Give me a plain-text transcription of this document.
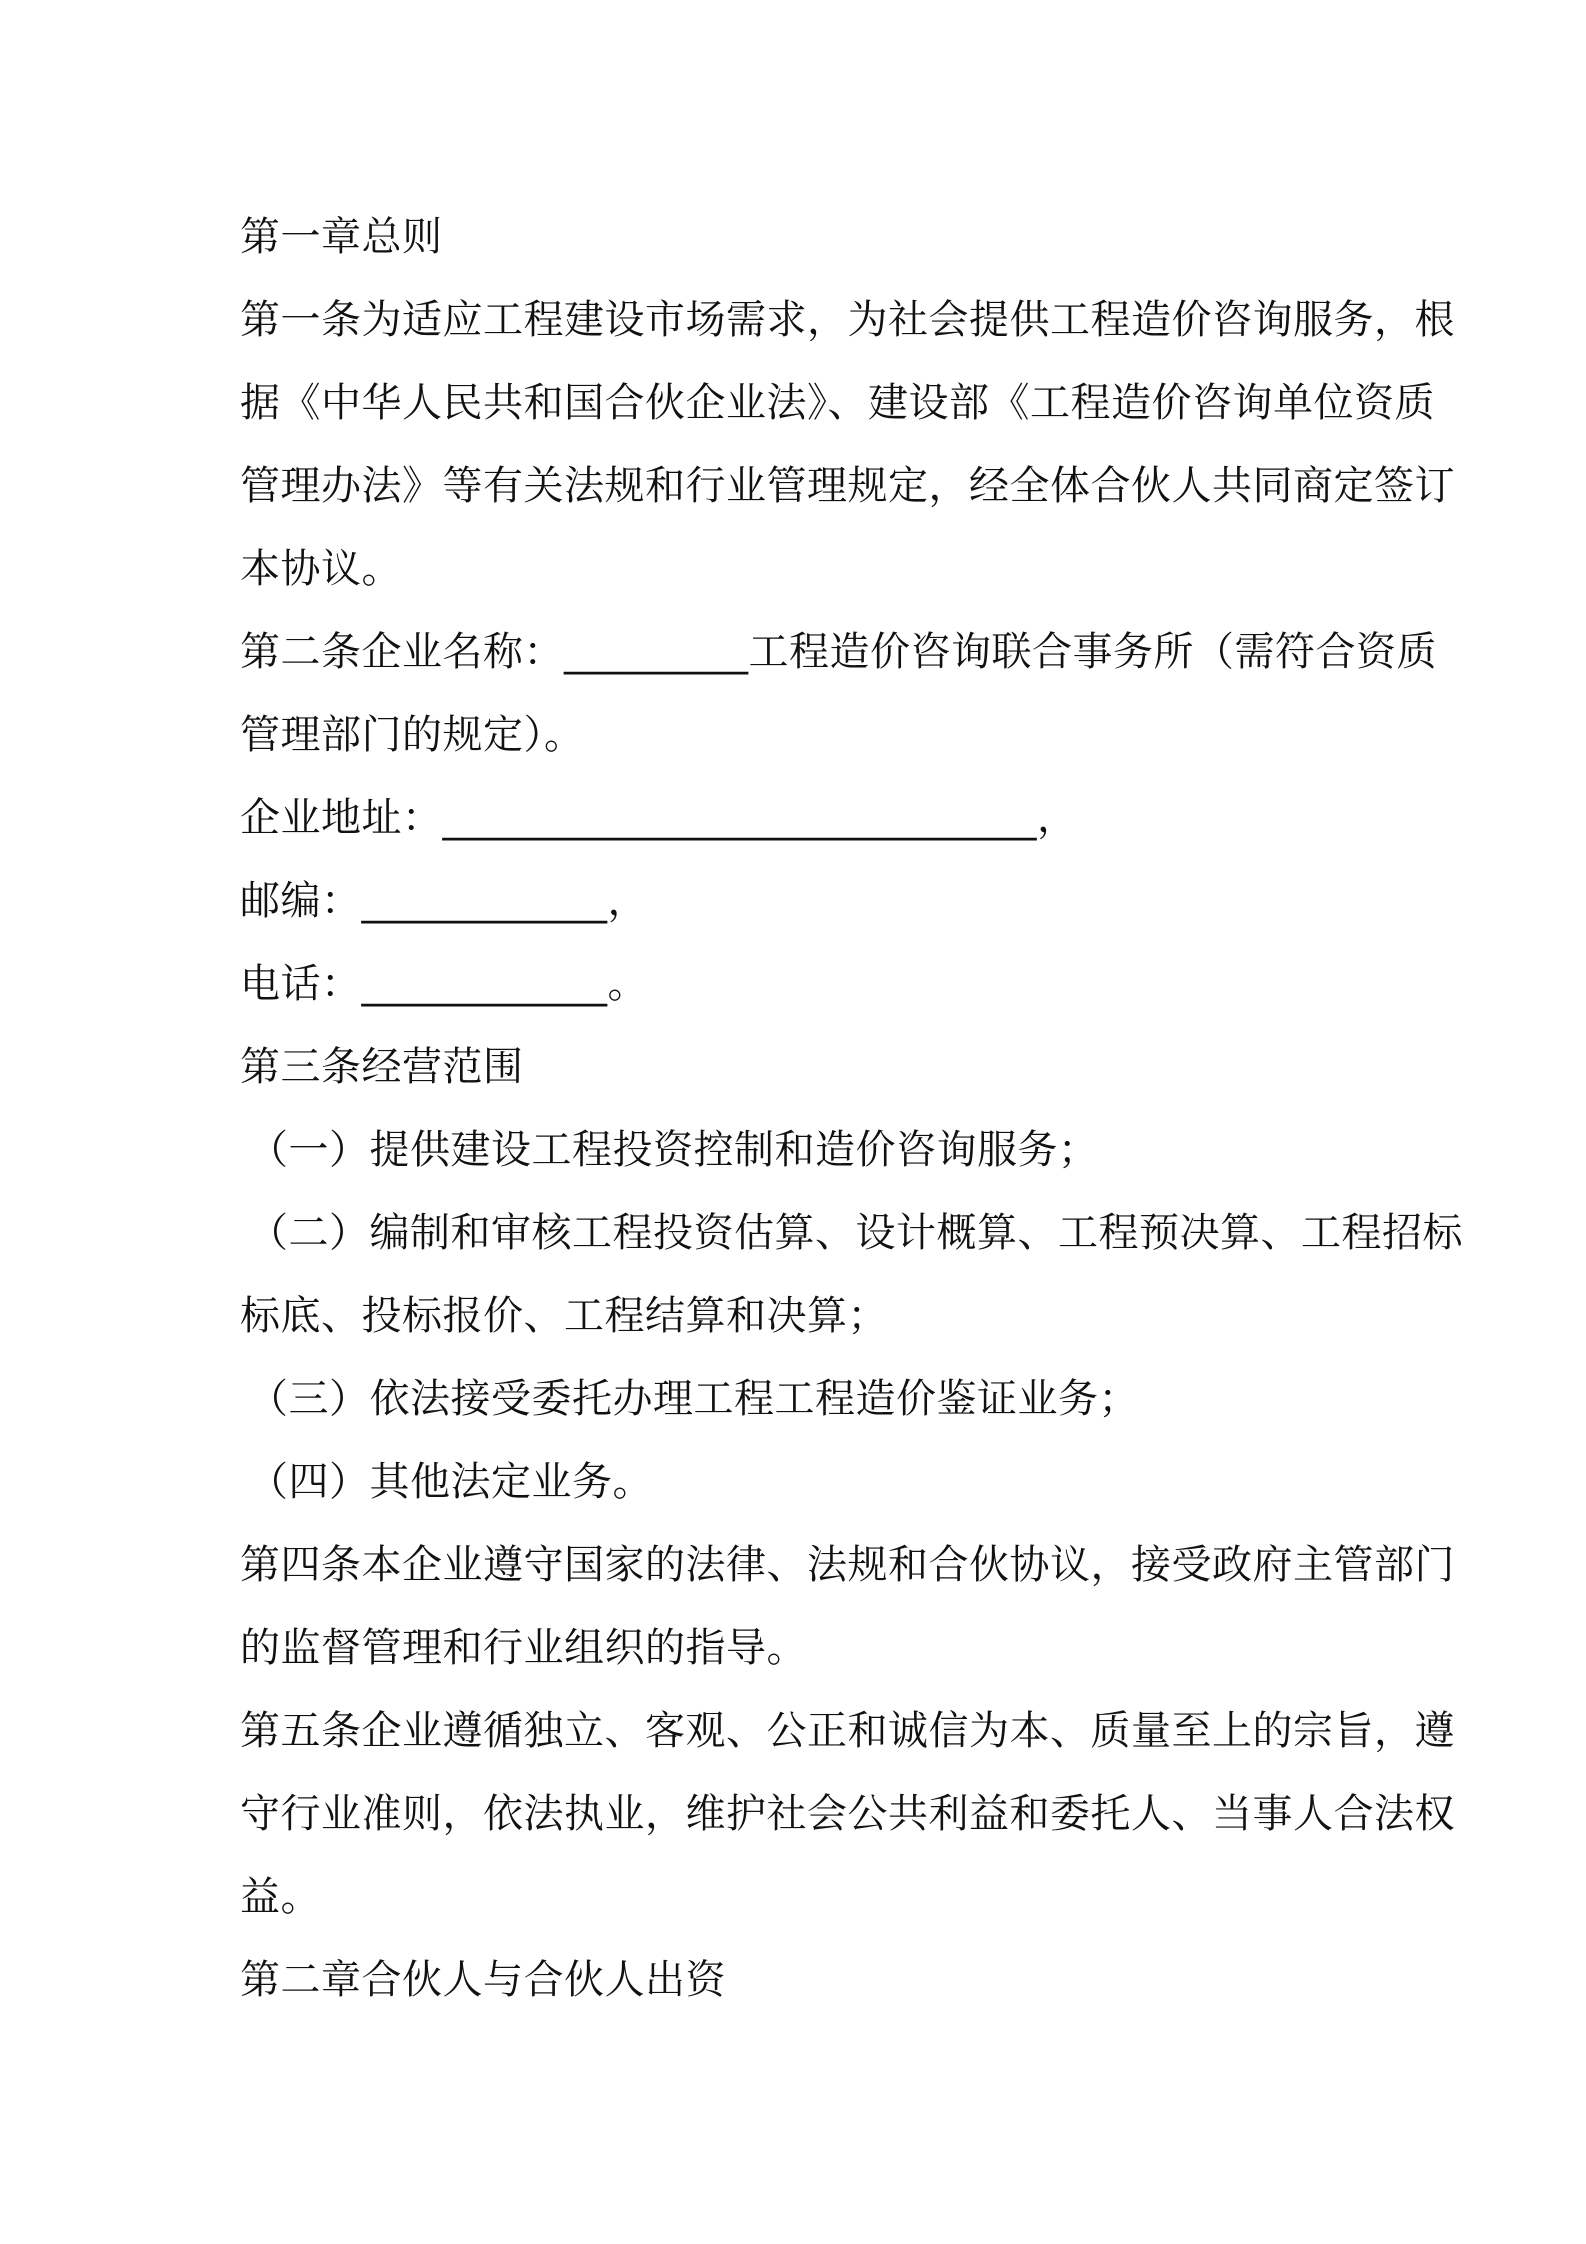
第一章总则

第一条为适应工程建设市场需求，为社会提供工程造价咨询服务，根

据《中华人民共和国合伙企业法》、建设部《工程造价咨询单位资质

管理办法》等有关法规和行业管理规定，经全体合伙人共同商定签订

本协议。

第二条企业名称：_________工程造价咨询联合事务所（需符合资质

管理部门的规定）。

企业地址：_____________________________，

邮编：____________，

电话：____________。

第三条经营范围

（一）提供建设工程投资控制和造价咨询服务；

（二）编制和审核工程投资估算、设计概算、工程预决算、工程招标

标底、投标报价、工程结算和决算；

（三）依法接受委托办理工程工程造价鉴证业务；

（四）其他法定业务。

第四条本企业遵守国家的法律、法规和合伙协议，接受政府主管部门

的监督管理和行业组织的指导。

第五条企业遵循独立、客观、公正和诚信为本、质量至上的宗旨，遵

守行业准则，依法执业，维护社会公共利益和委托人、当事人合法权

益。

第二章合伙人与合伙人出资
